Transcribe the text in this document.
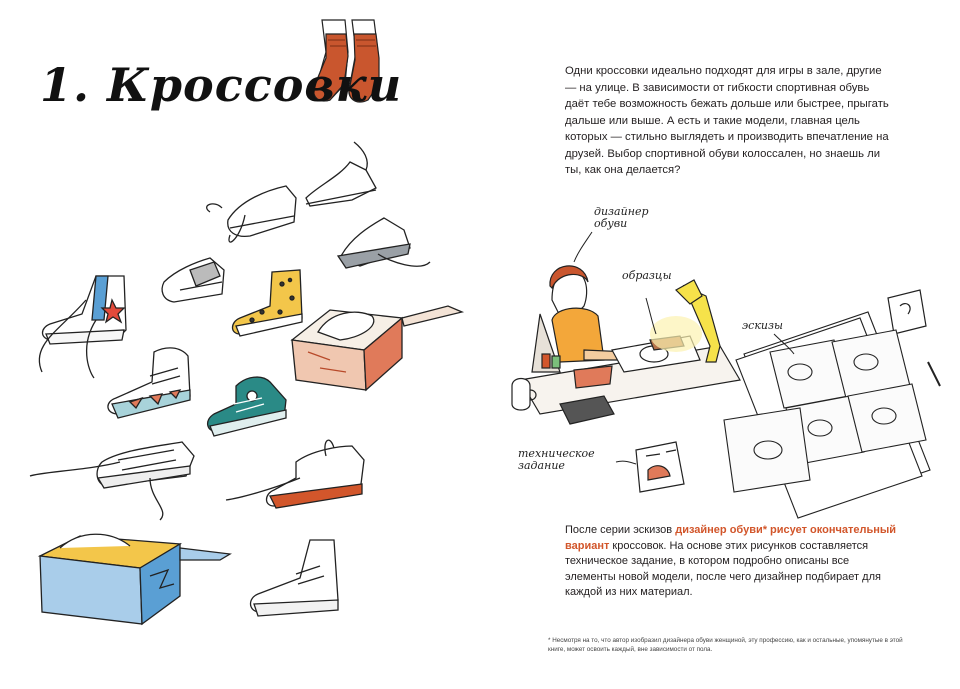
1. Кроссовки	Одни кроссовки идеально подходят для игры в зале, другие — на улице. В зависимости от гибкости спортивная обувь даёт тебе возможность бежать дольше или быстрее, прыгать дальше или выше. А есть и такие модели, главная цель которых — стильно выглядеть и производить впечатление на друзей. Выбор спортивной обуви колоссален, но знаешь ли ты, как она делается?
дизайнер
обуви
образцы
эскизы
техническое
задание
После серии эскизов дизайнер обуви* рисует окончательный вариант кроссовок. На основе этих рисунков составляется техническое задание, в котором подробно описаны все элементы новой модели, после чего дизайнер подбирает для каждой из них материал.
* Несмотря на то, что автор изобразил дизайнера обуви женщиной, эту профессию, как и остальные, упомянутые в этой книге, может освоить каждый, вне зависимости от пола.
